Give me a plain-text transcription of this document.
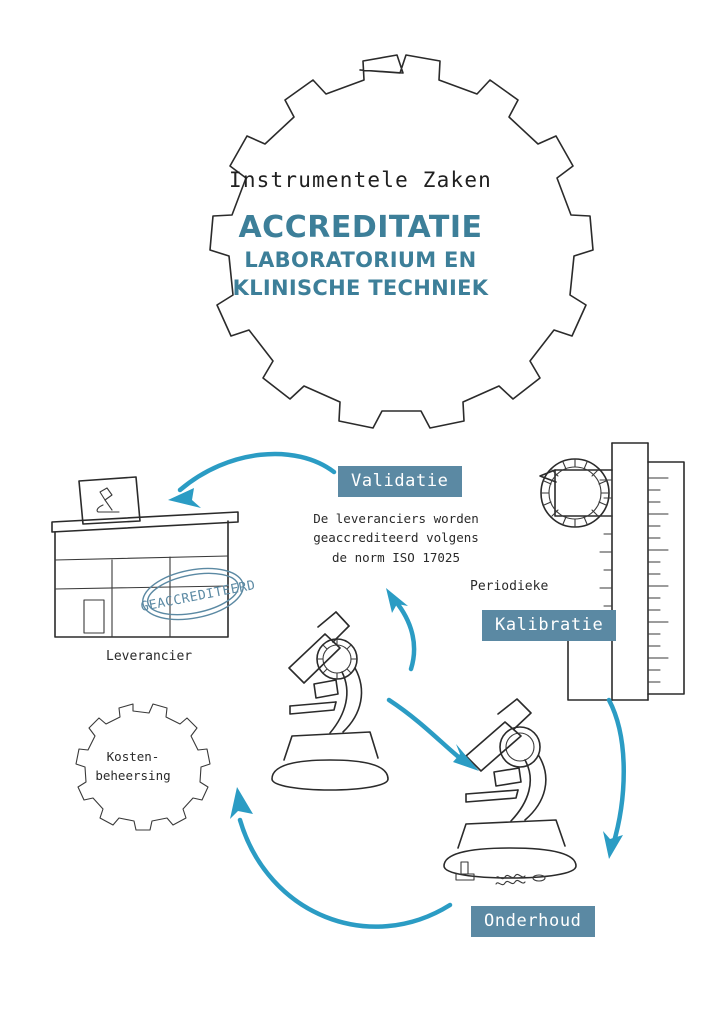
Instrumentele Zaken
ACCREDITATIE
LABORATORIUM EN
KLINISCHE TECHNIEK
Validatie
De leveranciers worden geaccrediteerd volgens de norm ISO 17025
Periodieke
Kalibratie
Onderhoud
Leverancier
GEACCREDITEERD
Kosten-
beheersing
